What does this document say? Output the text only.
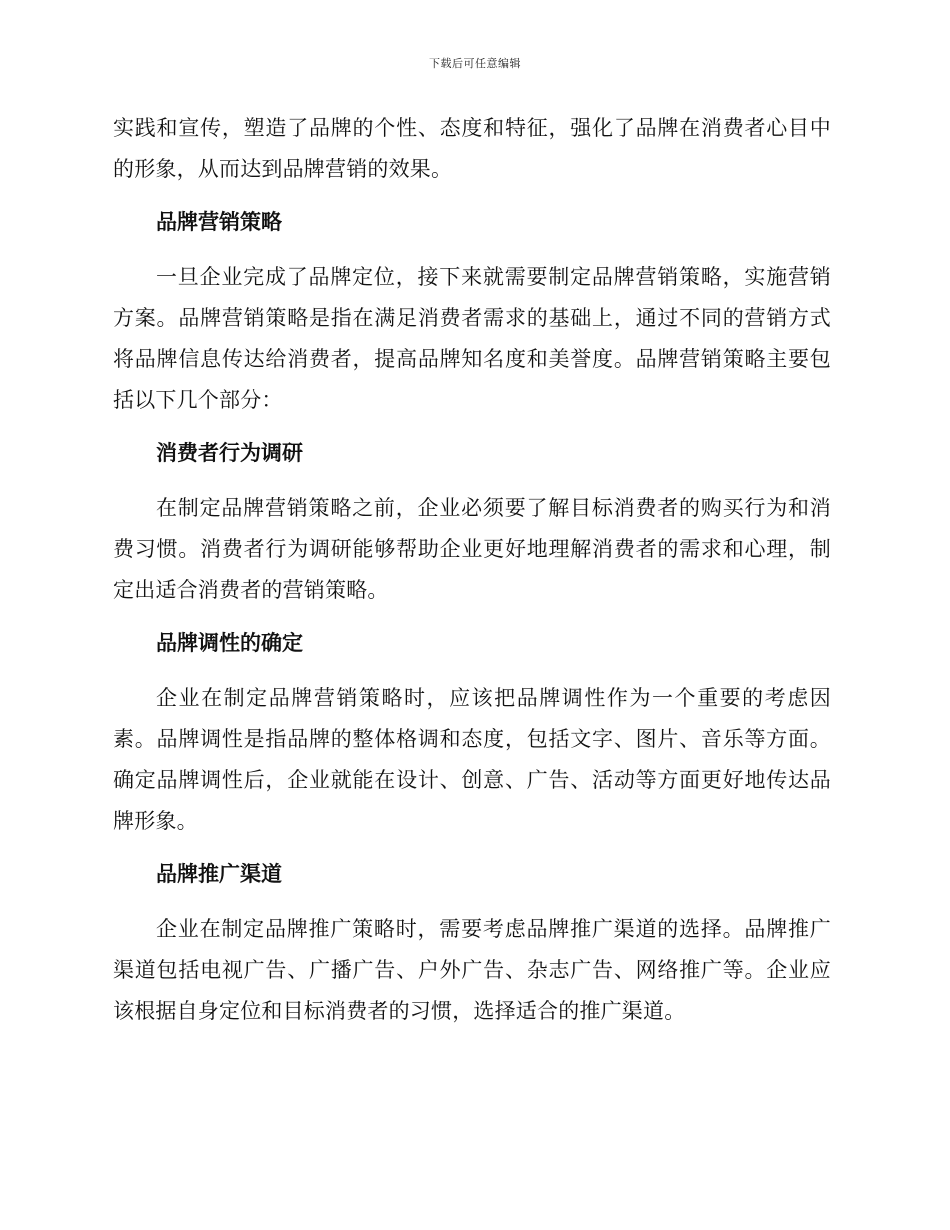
下载后可任意编辑

实践和宣传，塑造了品牌的个性、态度和特征，强化了品牌在消费者心目中的形象，从而达到品牌营销的效果。

品牌营销策略

一旦企业完成了品牌定位，接下来就需要制定品牌营销策略，实施营销方案。品牌营销策略是指在满足消费者需求的基础上，通过不同的营销方式将品牌信息传达给消费者，提高品牌知名度和美誉度。品牌营销策略主要包括以下几个部分：

消费者行为调研

在制定品牌营销策略之前，企业必须要了解目标消费者的购买行为和消费习惯。消费者行为调研能够帮助企业更好地理解消费者的需求和心理，制定出适合消费者的营销策略。

品牌调性的确定

企业在制定品牌营销策略时，应该把品牌调性作为一个重要的考虑因素。品牌调性是指品牌的整体格调和态度，包括文字、图片、音乐等方面。确定品牌调性后，企业就能在设计、创意、广告、活动等方面更好地传达品牌形象。

品牌推广渠道

企业在制定品牌推广策略时，需要考虑品牌推广渠道的选择。品牌推广渠道包括电视广告、广播广告、户外广告、杂志广告、网络推广等。企业应该根据自身定位和目标消费者的习惯，选择适合的推广渠道。
